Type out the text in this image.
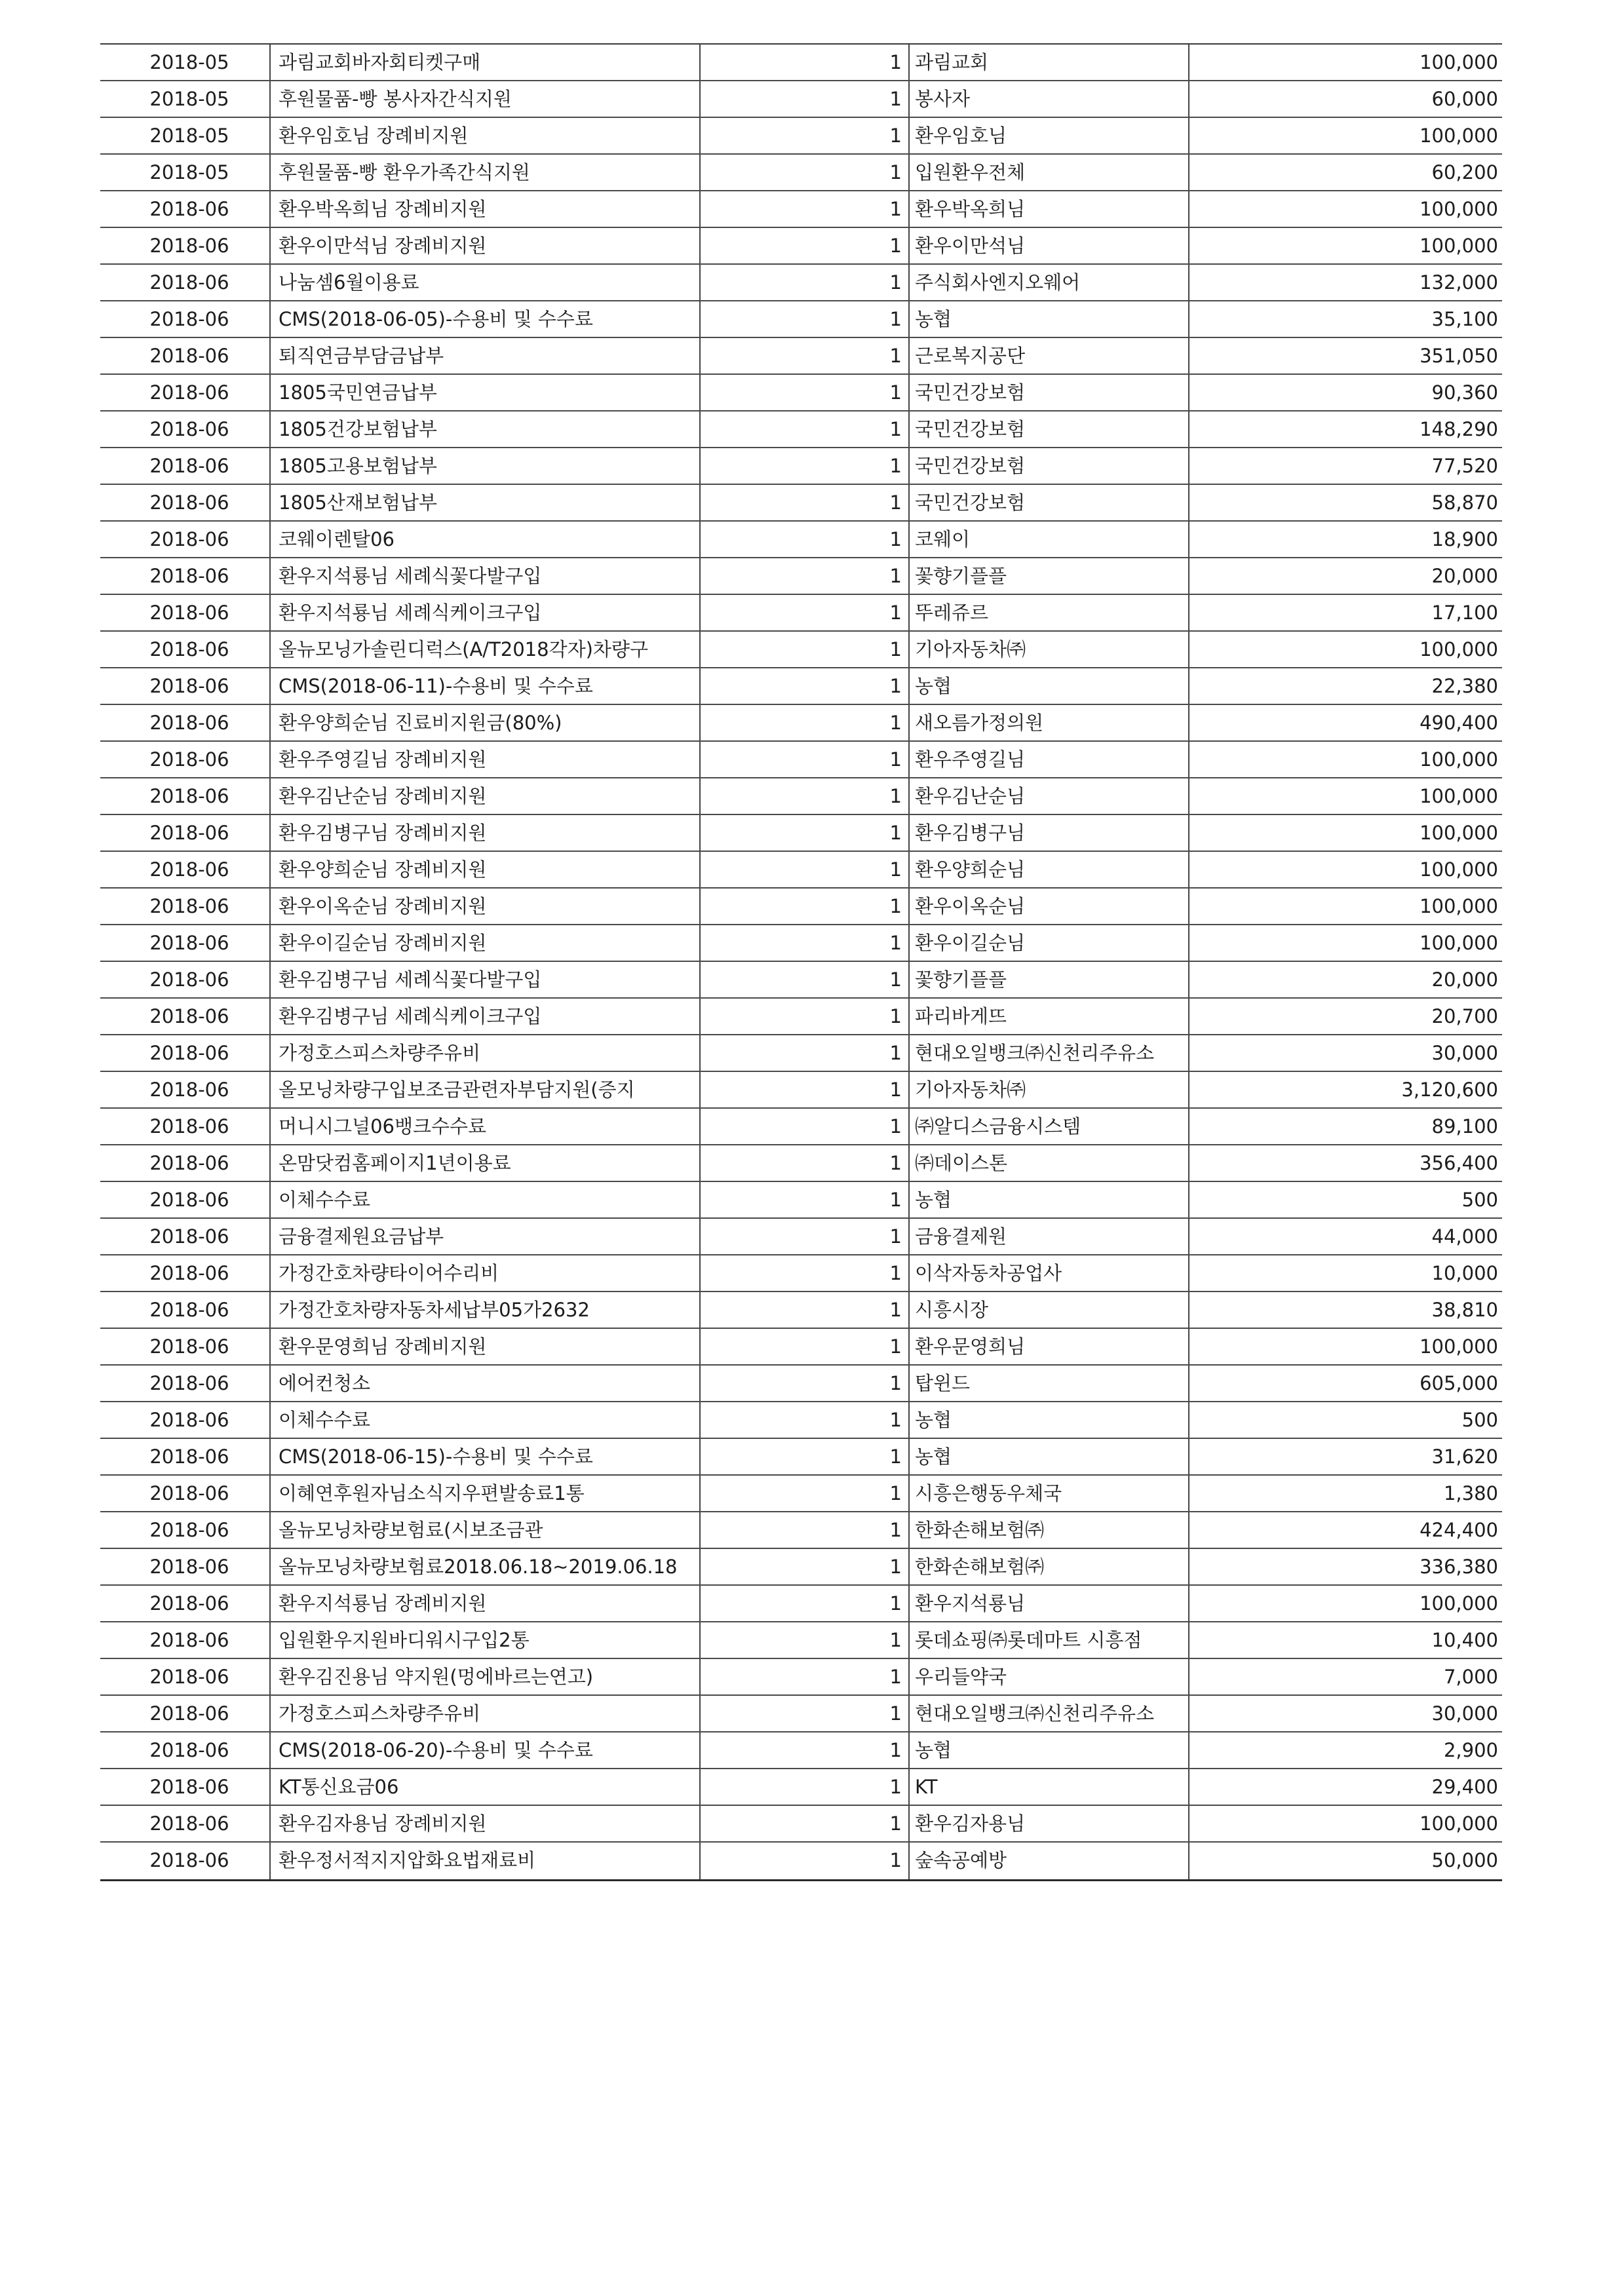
2018-05	과림교회바자회티켓구매	1 과림교회	100,000
2018-05	후원물품-빵 봉사자간식지원	1 봉사자	60,000
2018-05	환우임호님 장례비지원	1 환우임호님	100,000
2018-05	후원물품-빵 환우가족간식지원	1 입원환우전체	60,200
2018-06	환우박옥희님 장례비지원	1 환우박옥희님	100,000
2018-06	환우이만석님 장례비지원	1 환우이만석님	100,000
2018-06	나눔셈6월이용료	1 주식회사엔지오웨어	132,000
2018-06	CMS(2018-06-05)-수용비 및 수수료	1 농협	35,100
2018-06	퇴직연금부담금납부	1 근로복지공단	351,050
2018-06	1805국민연금납부	1 국민건강보험	90,360
2018-06	1805건강보험납부	1 국민건강보험	148,290
2018-06	1805고용보험납부	1 국민건강보험	77,520
2018-06	1805산재보험납부	1 국민건강보험	58,870
2018-06	코웨이렌탈06	1 코웨이	18,900
2018-06	환우지석룡님 세례식꽃다발구입	1 꽃향기플플	20,000
2018-06	환우지석룡님 세례식케이크구입	1 뚜레쥬르	17,100
2018-06	올뉴모닝가솔린디럭스(A/T2018각자)차량구	1 기아자동차㈜	100,000
2018-06	CMS(2018-06-11)-수용비 및 수수료	1 농협	22,380
2018-06	환우양희순님 진료비지원금(80%)	1 새오름가정의원	490,400
2018-06	환우주영길님 장례비지원	1 환우주영길님	100,000
2018-06	환우김난순님 장례비지원	1 환우김난순님	100,000
2018-06	환우김병구님 장례비지원	1 환우김병구님	100,000
2018-06	환우양희순님 장례비지원	1 환우양희순님	100,000
2018-06	환우이옥순님 장례비지원	1 환우이옥순님	100,000
2018-06	환우이길순님 장례비지원	1 환우이길순님	100,000
2018-06	환우김병구님 세례식꽃다발구입	1 꽃향기플플	20,000
2018-06	환우김병구님 세례식케이크구입	1 파리바게뜨	20,700
2018-06	가정호스피스차량주유비	1 현대오일뱅크㈜신천리주유소	30,000
2018-06	올모닝차량구입보조금관련자부담지원(증지	1 기아자동차㈜	3,120,600
2018-06	머니시그널06뱅크수수료	1 ㈜알디스금융시스템	89,100
2018-06	온맘닷컴홈페이지1년이용료	1 ㈜데이스톤	356,400
2018-06	이체수수료	1 농협	500
2018-06	금융결제원요금납부	1 금융결제원	44,000
2018-06	가정간호차량타이어수리비	1 이삭자동차공업사	10,000
2018-06	가정간호차량자동차세납부05가2632	1 시흥시장	38,810
2018-06	환우문영희님 장례비지원	1 환우문영희님	100,000
2018-06	에어컨청소	1 탑윈드	605,000
2018-06	이체수수료	1 농협	500
2018-06	CMS(2018-06-15)-수용비 및 수수료	1 농협	31,620
2018-06	이혜연후원자님소식지우편발송료1통	1 시흥은행동우체국	1,380
2018-06	올뉴모닝차량보험료(시보조금관	1 한화손해보험㈜	424,400
2018-06	올뉴모닝차량보험료2018.06.18~2019.06.18	1 한화손해보험㈜	336,380
2018-06	환우지석룡님 장례비지원	1 환우지석룡님	100,000
2018-06	입원환우지원바디워시구입2통	1 롯데쇼핑㈜롯데마트 시흥점	10,400
2018-06	환우김진용님 약지원(멍에바르는연고)	1 우리들약국	7,000
2018-06	가정호스피스차량주유비	1 현대오일뱅크㈜신천리주유소	30,000
2018-06	CMS(2018-06-20)-수용비 및 수수료	1 농협	2,900
2018-06	KT통신요금06	1 KT	29,400
2018-06	환우김자용님 장례비지원	1 환우김자용님	100,000
2018-06	환우정서적지지압화요법재료비	1 숲속공예방	50,000
